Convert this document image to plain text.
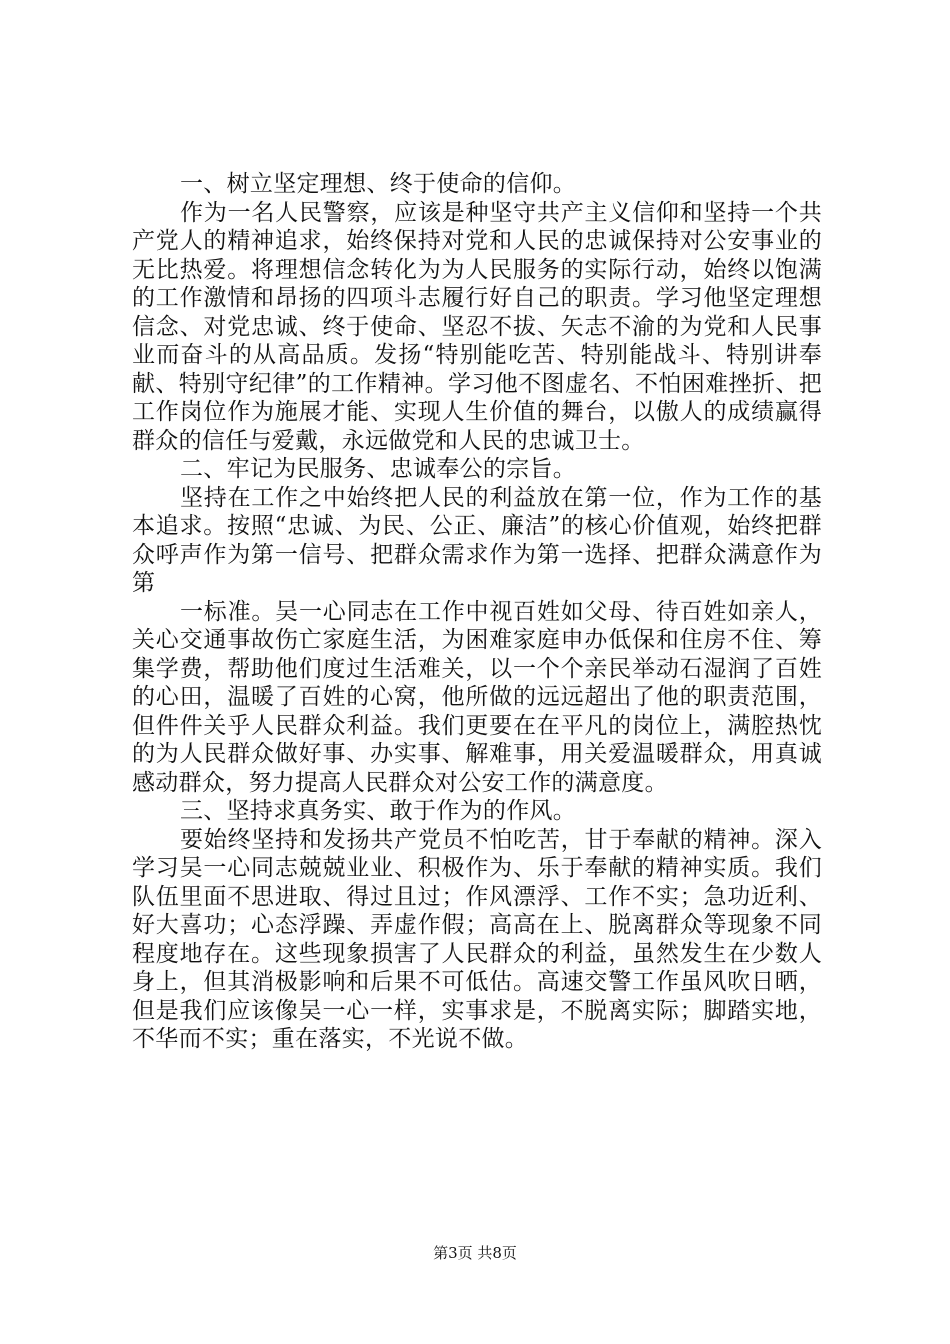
一、树立坚定理想、终于使命的信仰。

作为一名人民警察，应该是种坚守共产主义信仰和坚持一个共产党人的精神追求，始终保持对党和人民的忠诚保持对公安事业的无比热爱。将理想信念转化为为人民服务的实际行动，始终以饱满的工作激情和昂扬的四项斗志履行好自己的职责。学习他坚定理想信念、对党忠诚、终于使命、坚忍不拔、矢志不渝的为党和人民事业而奋斗的从高品质。发扬“特别能吃苦、特别能战斗、特别讲奉献、特别守纪律”的工作精神。学习他不图虚名、不怕困难挫折、把工作岗位作为施展才能、实现人生价值的舞台，以傲人的成绩赢得群众的信任与爱戴，永远做党和人民的忠诚卫士。

二、牢记为民服务、忠诚奉公的宗旨。

坚持在工作之中始终把人民的利益放在第一位，作为工作的基本追求。按照“忠诚、为民、公正、廉洁”的核心价值观，始终把群众呼声作为第一信号、把群众需求作为第一选择、把群众满意作为第

一标准。吴一心同志在工作中视百姓如父母、待百姓如亲人，关心交通事故伤亡家庭生活，为困难家庭申办低保和住房不住、筹集学费，帮助他们度过生活难关，以一个个亲民举动石湿润了百姓的心田，温暖了百姓的心窝，他所做的远远超出了他的职责范围，但件件关乎人民群众利益。我们更要在在平凡的岗位上，满腔热忱的为人民群众做好事、办实事、解难事，用关爱温暖群众，用真诚感动群众，努力提高人民群众对公安工作的满意度。

三、坚持求真务实、敢于作为的作风。

要始终坚持和发扬共产党员不怕吃苦，甘于奉献的精神。深入学习吴一心同志兢兢业业、积极作为、乐于奉献的精神实质。我们队伍里面不思进取、得过且过；作风漂浮、工作不实；急功近利、好大喜功；心态浮躁、弄虚作假；高高在上、脱离群众等现象不同程度地存在。这些现象损害了人民群众的利益，虽然发生在少数人身上，但其消极影响和后果不可低估。高速交警工作虽风吹日晒，但是我们应该像吴一心一样，实事求是，不脱离实际；脚踏实地，不华而不实；重在落实，不光说不做。

第3页 共8页
